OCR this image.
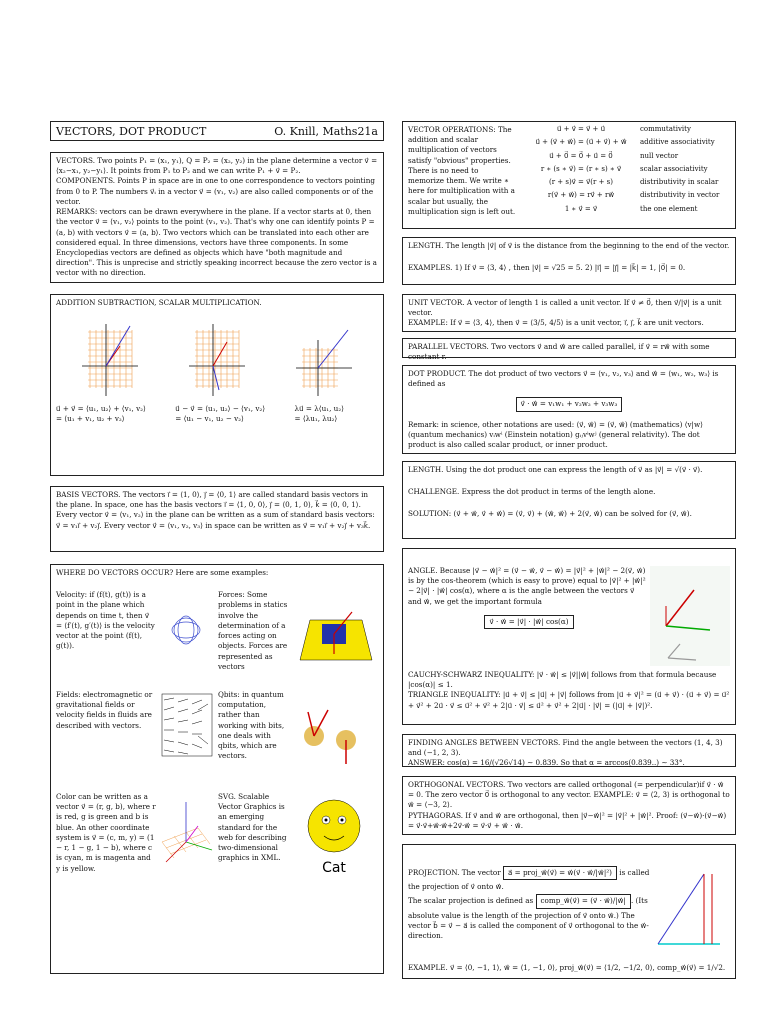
VECTORS, DOT PRODUCT	O. Knill, Maths21a

VECTORS. Two points P₁ = (x₁, y₁), Q = P₂ = (x₂, y₂) in the plane determine a vector v⃗ = ⟨x₂−x₁, y₂−y₁⟩. It points from P₁ to P₂ and we can write P₁ + v⃗ = P₂.

COMPONENTS. Points P in space are in one to one correspondence to vectors pointing from 0 to P. The numbers v⃗ᵢ in a vector v⃗ = (v₁, v₂) are also called components or of the vector.

REMARKS: vectors can be drawn everywhere in the plane. If a vector starts at 0, then the vector v⃗ = ⟨v₁, v₂⟩ points to the point (v₁, v₂). That's why one can identify points P = (a, b) with vectors v⃗ = ⟨a, b⟩. Two vectors which can be translated into each other are considered equal. In three dimensions, vectors have three components. In some Encyclopedias vectors are defined as objects which have "both magnitude and direction". This is unprecise and strictly speaking incorrect because the zero vector is a vector with no direction.

ADDITION SUBTRACTION, SCALAR MULTIPLICATION.

u⃗ + v⃗ = ⟨u₁, u₂⟩ + ⟨v₁, v₂⟩

= ⟨u₁ + v₁, u₂ + v₂⟩

u⃗ − v⃗ = ⟨u₁, u₂⟩ − ⟨v₁, v₂⟩

= ⟨u₁ − v₁, u₂ − v₂⟩

λu⃗ = λ⟨u₁, u₂⟩

= ⟨λu₁, λu₂⟩

BASIS VECTORS. The vectors i⃗ = ⟨1, 0⟩, j⃗ = ⟨0, 1⟩ are called standard basis vectors in the plane. In space, one has the basis vectors i⃗ = ⟨1, 0, 0⟩, j⃗ = ⟨0, 1, 0⟩, k⃗ = ⟨0, 0, 1⟩.

Every vector v⃗ = ⟨v₁, v₂⟩ in the plane can be written as a sum of standard basis vectors: v⃗ = v₁i⃗ + v₂j⃗. Every vector v⃗ = ⟨v₁, v₂, v₃⟩ in space can be written as v⃗ = v₁i⃗ + v₂j⃗ + v₃k⃗.

WHERE DO VECTORS OCCUR? Here are some examples:

Velocity: if (f(t), g(t)) is a point in the plane which depends on time t, then v⃗ = ⟨f′(t), g′(t)⟩ is the velocity vector at the point (f(t), g(t)).

Forces: Some problems in statics involve the determination of a forces acting on objects. Forces are represented as vectors

Fields: electromagnetic or gravitational fields or velocity fields in fluids are described with vectors.

Qbits: in quantum computation, rather than working with bits, one deals with qbits, which are vectors.

Color can be written as a vector v⃗ = (r, g, b), where r is red, g is green and b is blue. An other coordinate system is v⃗ = (c, m, y) = (1 − r, 1 − g, 1 − b), where c is cyan, m is magenta and y is yellow.

SVG. Scalable Vector Graphics is an emerging standard for the web for describing two-dimensional graphics in XML.

Cat

VECTOR OPERATIONS: The addition and scalar multiplication of vectors satisfy "obvious" properties. There is no need to memorize them. We write ∗ here for multiplication with a scalar but usually, the multiplication sign is left out.

u⃗ + v⃗ = v⃗ + u⃗	commutativity
u⃗ + (v⃗ + w⃗) = (u⃗ + v⃗) + w⃗	additive associativity
u⃗ + 0⃗ = 0⃗ + u⃗ = 0⃗	null vector
r ∗ (s ∗ v⃗) = (r ∗ s) ∗ v⃗	scalar associativity
(r + s)v⃗ = v⃗(r + s)	distributivity in scalar
r(v⃗ + w⃗) = rv⃗ + rw⃗	distributivity in vector
1 ∗ v⃗ = v⃗	the one element

LENGTH. The length |v⃗| of v⃗ is the distance from the beginning to the end of the vector.

EXAMPLES. 1) If v⃗ = ⟨3, 4⟩ , then |v⃗| = √25 = 5. 2) |i⃗| = |j⃗| = |k⃗| = 1, |0⃗| = 0.

UNIT VECTOR. A vector of length 1 is called a unit vector. If v⃗ ≠ 0⃗, then v⃗/|v⃗| is a unit vector.

EXAMPLE: If v⃗ = ⟨3, 4⟩, then v⃗ = ⟨3/5, 4/5⟩ is a unit vector, i⃗, j⃗, k⃗ are unit vectors.

PARALLEL VECTORS. Two vectors v⃗ and w⃗ are called parallel, if v⃗ = rw⃗ with some constant r.

DOT PRODUCT. The dot product of two vectors v⃗ = ⟨v₁, v₂, v₃⟩ and w⃗ = ⟨w₁, w₂, w₃⟩ is defined as

v⃗ · w⃗ = v₁w₁ + v₂w₂ + v₃w₃

Remark: in science, other notations are used: ⟨v⃗, w⃗⟩ = (v⃗, w⃗) (mathematics) ⟨v|w⟩ (quantum mechanics) vᵢwⁱ (Einstein notation) gᵢⱼvⁱwʲ (general relativity). The dot product is also called scalar product, or inner product.

LENGTH. Using the dot product one can express the length of v⃗ as |v⃗| = √(v⃗ · v⃗).

CHALLENGE. Express the dot product in terms of the length alone.

SOLUTION: (v⃗ + w⃗, v⃗ + w⃗) = (v⃗, v⃗) + (w⃗, w⃗) + 2(v⃗, w⃗) can be solved for (v⃗, w⃗).

ANGLE. Because |v⃗ − w⃗|² = (v⃗ − w⃗, v⃗ − w⃗) = |v⃗|² + |w⃗|² − 2(v⃗, w⃗) is by the cos-theorem (which is easy to prove) equal to |v⃗|² + |w⃗|² − 2|v⃗| · |w⃗| cos(α), where α is the angle between the vectors v⃗ and w⃗, we get the important formula

v⃗ · w⃗ = |v⃗| · |w⃗| cos(α)

CAUCHY-SCHWARZ INEQUALITY: |v⃗ · w⃗| ≤ |v⃗||w⃗| follows from that formula because |cos(α)| ≤ 1.

TRIANGLE INEQUALITY: |u⃗ + v⃗| ≤ |u⃗| + |v⃗| follows from |u⃗ + v⃗|² = (u⃗ + v⃗) · (u⃗ + v⃗) = u⃗² + v⃗² + 2u⃗ · v⃗ ≤ u⃗² + v⃗² + 2|u⃗ · v⃗| ≤ u⃗² + v⃗² + 2|u⃗| · |v⃗| = (|u⃗| + |v⃗|)².

FINDING ANGLES BETWEEN VECTORS. Find the angle between the vectors (1, 4, 3) and (−1, 2, 3).

ANSWER: cos(α) = 16/(√26√14) ∼ 0.839. So that α = arccos(0.839..) ∼ 33°.

ORTHOGONAL VECTORS. Two vectors are called orthogonal (= perpendicular)if v⃗ · w⃗ = 0. The zero vector 0⃗ is orthogonal to any vector. EXAMPLE: v⃗ = ⟨2, 3⟩ is orthogonal to w⃗ = ⟨−3, 2⟩.

PYTHAGORAS. If v⃗ and w⃗ are orthogonal, then |v⃗−w⃗|² = |v⃗|² + |w⃗|². Proof: (v⃗−w⃗)·(v⃗−w⃗) = v⃗·v⃗+w⃗·w⃗+2v⃗·w⃗ = v⃗·v⃗ + w⃗ · w⃗.

PROJECTION. The vector a⃗ = proj_w⃗(v⃗) = w⃗(v⃗ · w⃗/|w⃗|²) is called the projection of v⃗ onto w⃗.

The scalar projection is defined as comp_w⃗(v⃗) = (v⃗ · w⃗)/|w⃗| . (Its absolute value is the length of the projection of v⃗ onto w⃗.) The vector b⃗ = v⃗ − a⃗ is called the component of v⃗ orthogonal to the w⃗-direction.

EXAMPLE. v⃗ = ⟨0, −1, 1⟩, w⃗ = ⟨1, −1, 0⟩, proj_w⃗(v⃗) = ⟨1/2, −1/2, 0⟩, comp_w⃗(v⃗) = 1/√2.
